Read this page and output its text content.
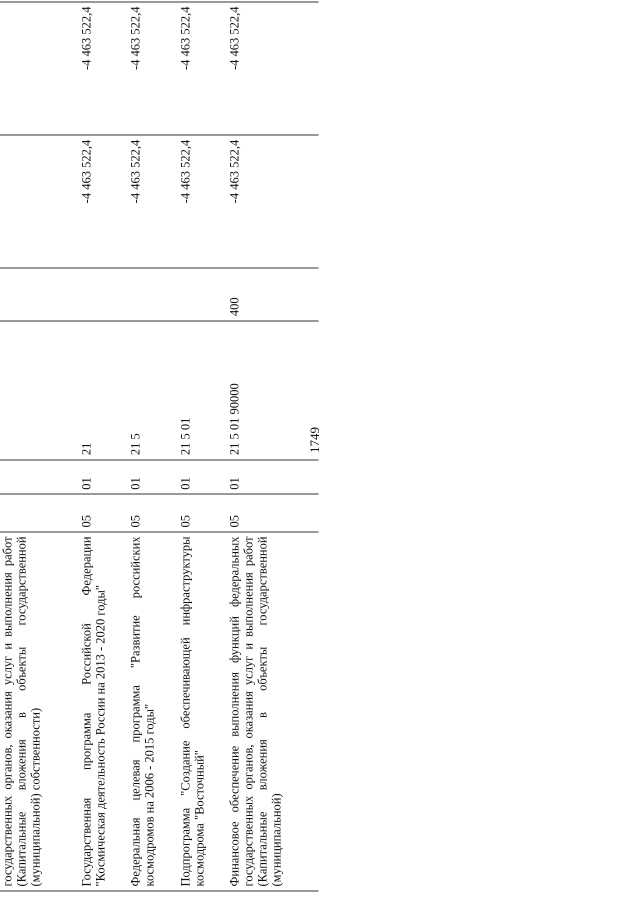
1749

государственных органов, оказания услуг и выполнения работ (Капитальные вложения в объекты государственной (муниципальной) собственности)						
Государственная программа Российской Федерации "Космическая деятельность России на 2013 - 2020 годы"	05	01	21		-4 463 522,4	-4 463 522,4
Федеральная целевая программа "Развитие российских космодромов на 2006 - 2015 годы"	05	01	21 5		-4 463 522,4	-4 463 522,4
Подпрограмма "Создание обеспечивающей инфраструктуры космодрома "Восточный"	05	01	21 5 01		-4 463 522,4	-4 463 522,4
Финансовое обеспечение выполнения функций федеральных государственных органов, оказания услуг и выполнения работ (Капитальные вложения в объекты государственной (муниципальной)	05	01	21 5 01 90000	400	-4 463 522,4	-4 463 522,4
